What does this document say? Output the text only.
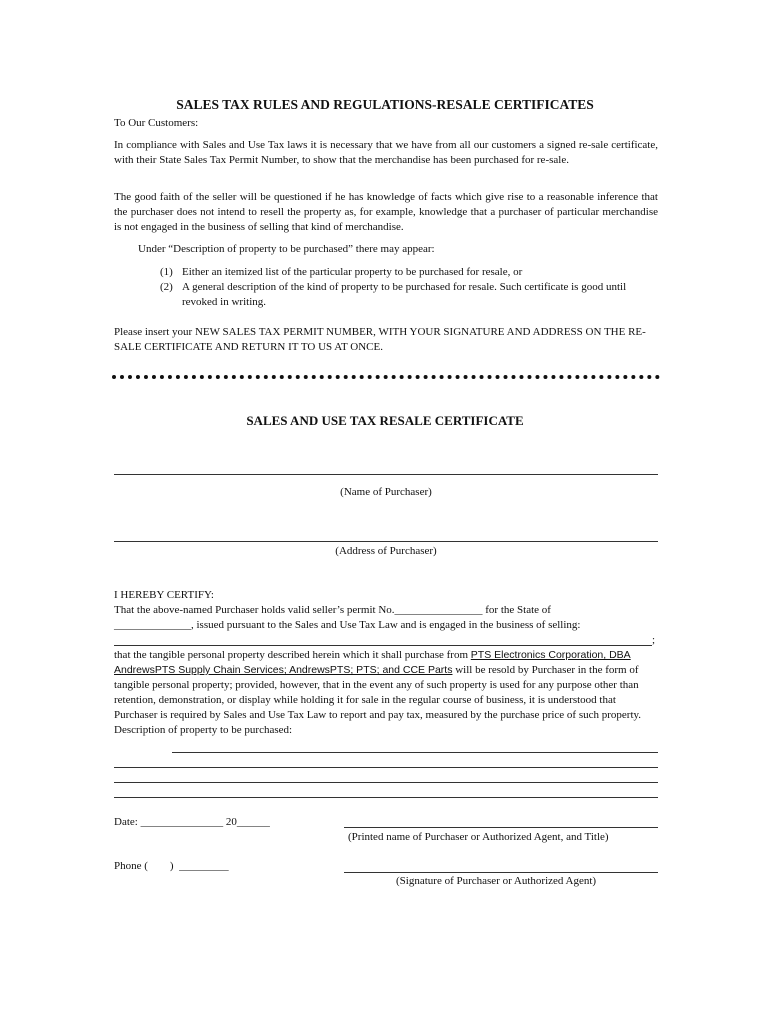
SALES TAX RULES AND REGULATIONS-RESALE CERTIFICATES
To Our Customers:
In compliance with Sales and Use Tax laws it is necessary that we have from all our customers a signed re-sale certificate, with their State Sales Tax Permit Number, to show that the merchandise has been purchased for re-sale.
The good faith of the seller will be questioned if he has knowledge of facts which give rise to a reasonable inference that the purchaser does not intend to resell the property as, for example, knowledge that a purchaser of particular merchandise is not engaged in the business of selling that kind of merchandise.
Under “Description of property to be purchased” there may appear:
(1) Either an itemized list of the particular property to be purchased for resale, or
(2) A general description of the kind of property to be purchased for resale. Such certificate is good until revoked in writing.
Please insert your NEW SALES TAX PERMIT NUMBER, WITH YOUR SIGNATURE AND ADDRESS ON THE RE-SALE CERTIFICATE AND RETURN IT TO US AT ONCE.
SALES AND USE TAX RESALE CERTIFICATE
(Name of Purchaser)
(Address of Purchaser)
I HEREBY CERTIFY:
That the above-named Purchaser holds valid seller’s permit No.________________ for the State of
______________, issued pursuant to the Sales and Use Tax Law and is engaged in the business of selling:
;
that the tangible personal property described herein which it shall purchase from PTS Electronics Corporation, DBA AndrewsPTS Supply Chain Services; AndrewsPTS; PTS; and CCE Parts will be resold by Purchaser in the form of tangible personal property; provided, however, that in the event any of such property is used for any purpose other than retention, demonstration, or display while holding it for sale in the regular course of business, it is understood that Purchaser is required by Sales and Use Tax Law to report and pay tax, measured by the purchase price of such property. Description of property to be purchased:
Date: _______________ 20______
(Printed name of Purchaser or Authorized Agent, and Title)
Phone (        )  _________
(Signature of Purchaser or Authorized Agent)
